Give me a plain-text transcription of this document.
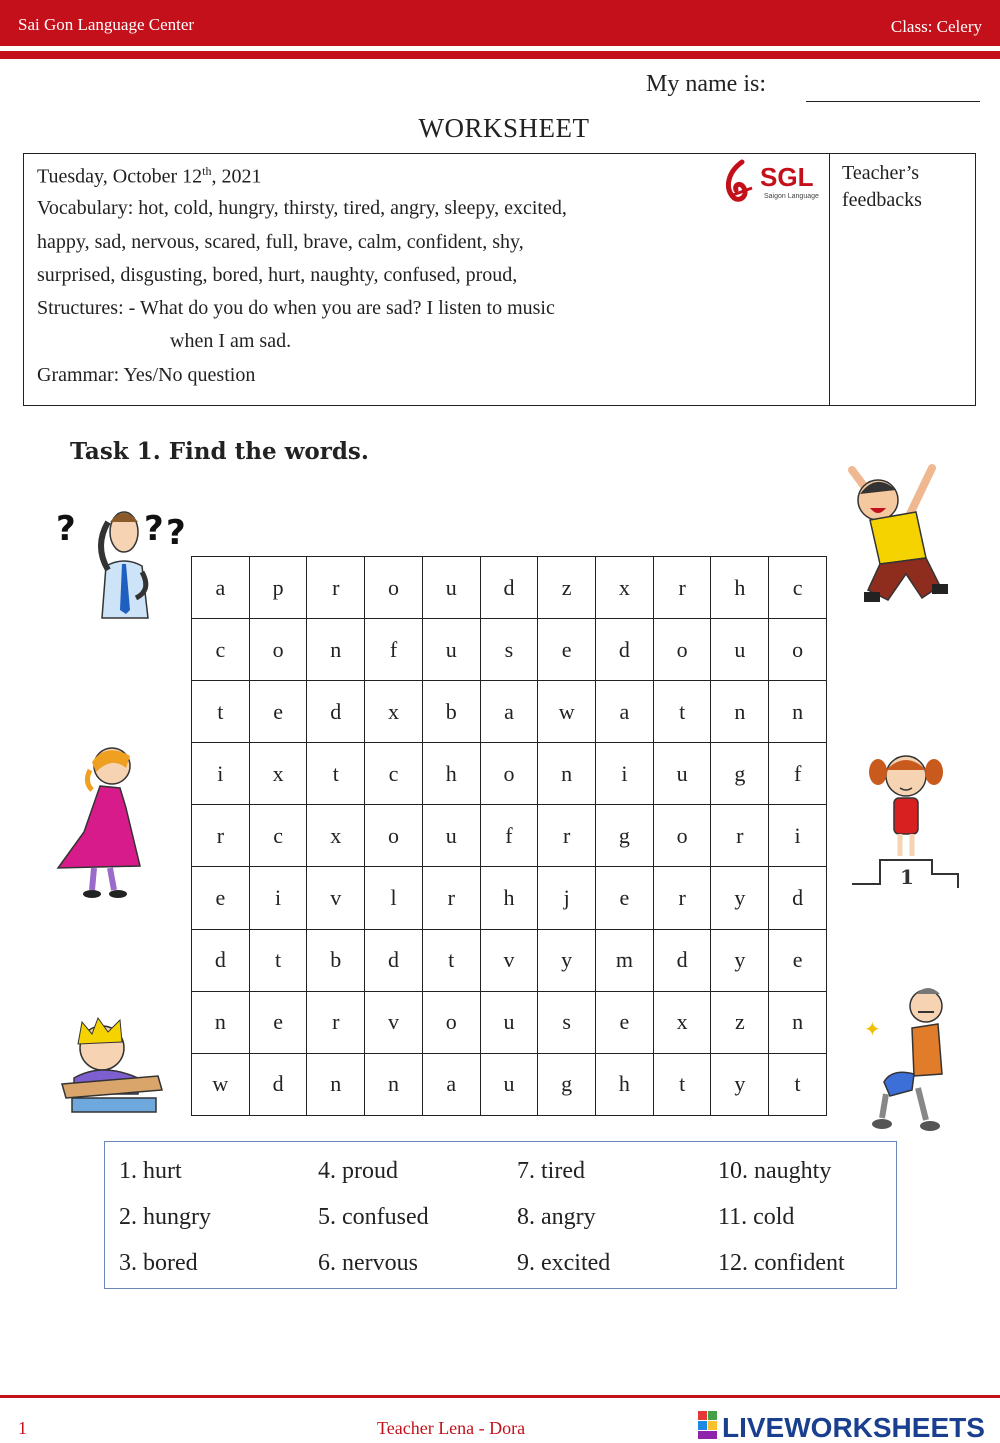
Sai Gon Language Center	Class: Celery
My name is:
WORKSHEET
Tuesday, October 12th, 2021
Vocabulary: hot, cold, hungry, thirsty, tired, angry, sleepy, excited,
happy, sad, nervous, scared, full, brave, calm, confident, shy,
surprised, disgusting, bored, hurt, naughty, confused, proud,
Structures: - What do you do when you are sad? I listen to music
when I am sad.
Grammar: Yes/No question
SGL
Saigon Language
Teacher’s feedbacks
Task 1. Find the words.
? ? ?
1
✦
a	p	r	o	u	d	z	x	r	h	c
c	o	n	f	u	s	e	d	o	u	o
t	e	d	x	b	a	w	a	t	n	n
i	x	t	c	h	o	n	i	u	g	f
r	c	x	o	u	f	r	g	o	r	i
e	i	v	l	r	h	j	e	r	y	d
d	t	b	d	t	v	y	m	d	y	e
n	e	r	v	o	u	s	e	x	z	n
w	d	n	n	a	u	g	h	t	y	t
1. hurt
2. hungry
3. bored
4. proud
5. confused
6. nervous
7. tired
8. angry
9. excited
10. naughty
11. cold
12. confident
1	Teacher Lena - Dora	LIVEWORKSHEETS
